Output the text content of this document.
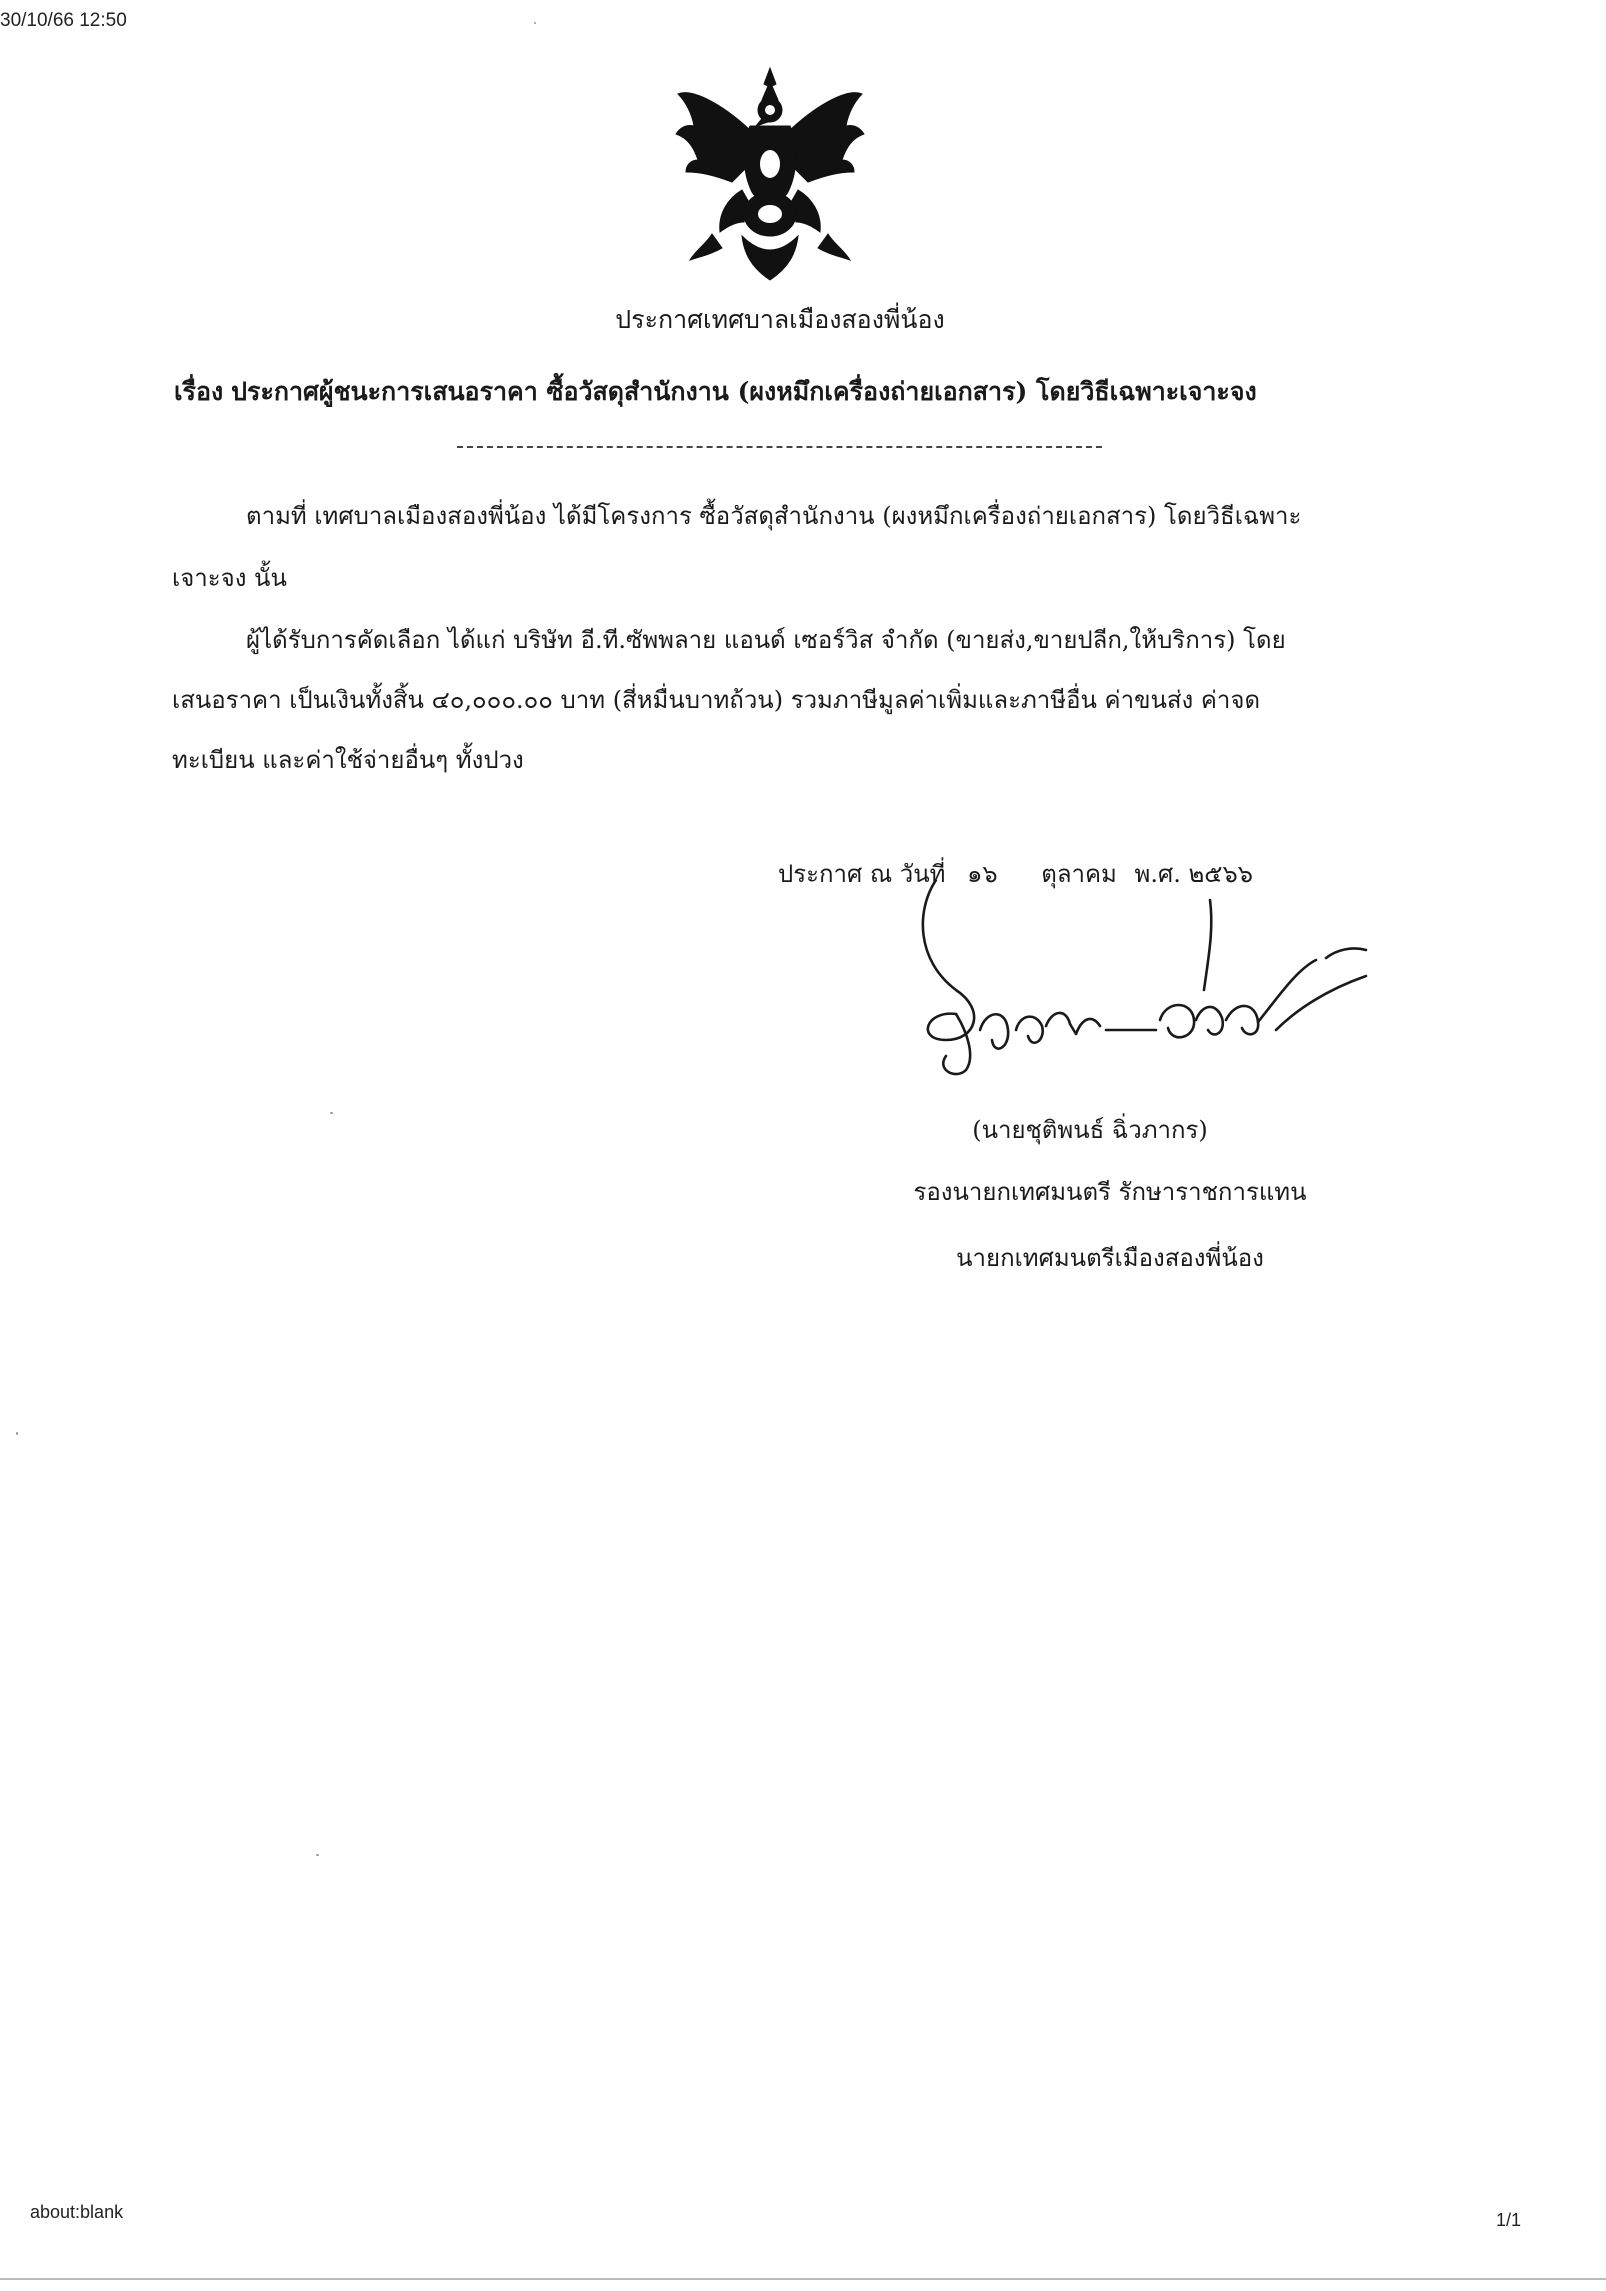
30/10/66 12:50
ประกาศเทศบาลเมืองสองพี่น้อง
เรื่อง ประกาศผู้ชนะการเสนอราคา ซื้อวัสดุสำนักงาน (ผงหมึกเครื่องถ่ายเอกสาร) โดยวิธีเฉพาะเจาะจง
ตามที่ เทศบาลเมืองสองพี่น้อง ได้มีโครงการ ซื้อวัสดุสำนักงาน (ผงหมึกเครื่องถ่ายเอกสาร) โดยวิธีเฉพาะ
เจาะจง นั้น
ผู้ได้รับการคัดเลือก ได้แก่ บริษัท อี.ที.ซัพพลาย แอนด์ เซอร์วิส จำกัด (ขายส่ง,ขายปลีก,ให้บริการ) โดย
เสนอราคา เป็นเงินทั้งสิ้น ๔๐,๐๐๐.๐๐ บาท (สี่หมื่นบาทถ้วน) รวมภาษีมูลค่าเพิ่มและภาษีอื่น ค่าขนส่ง ค่าจด
ทะเบียน และค่าใช้จ่ายอื่นๆ ทั้งปวง
ประกาศ ณ วันที่ ๑๖ ตุลาคม พ.ศ. ๒๕๖๖
(นายชุติพนธ์ ฉิ่วภากร)
รองนายกเทศมนตรี รักษาราชการแทน
นายกเทศมนตรีเมืองสองพี่น้อง
about:blank	1/1
